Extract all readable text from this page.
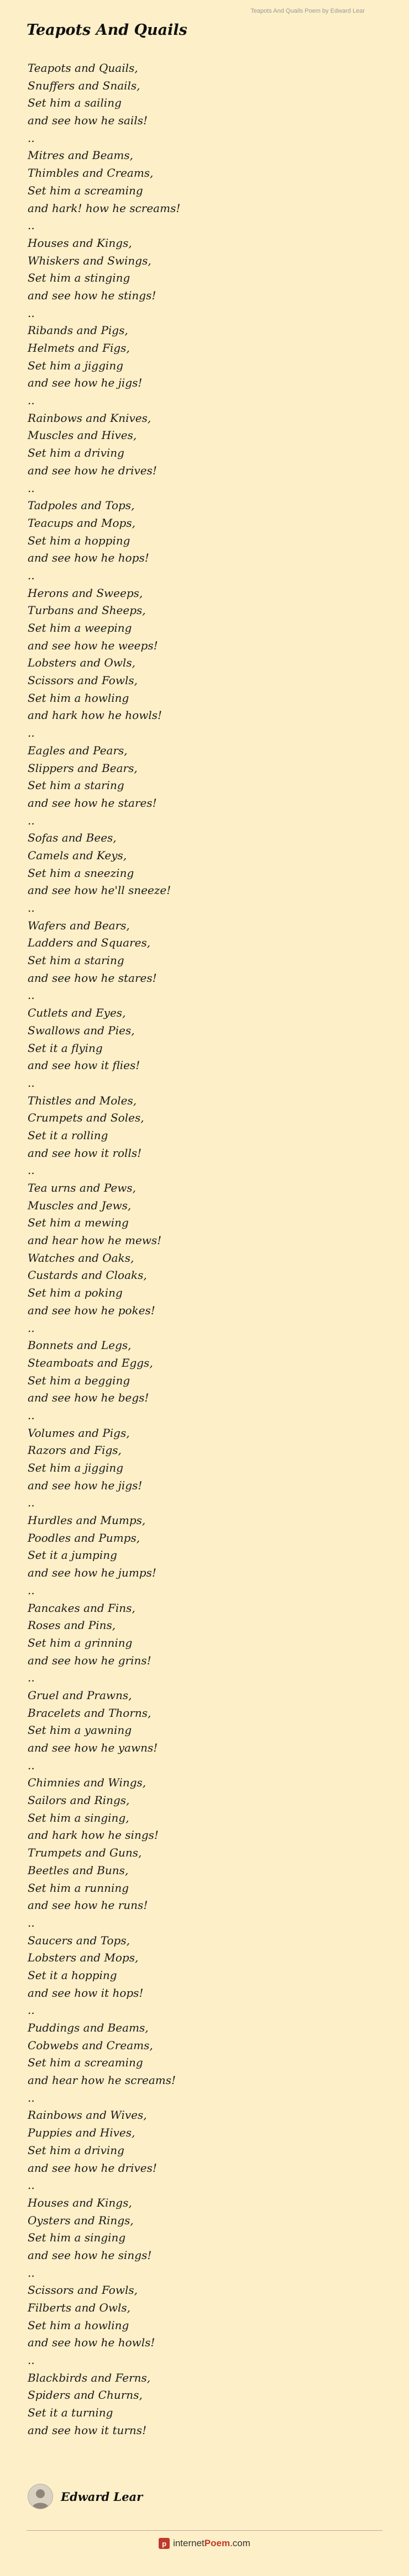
Teapots And Quails Poem by Edward Lear
Teapots And Quails
Teapots and Quails,
Snuffers and Snails,
Set him a sailing
and see how he sails!
..
Mitres and Beams,
Thimbles and Creams,
Set him a screaming
and hark! how he screams!
..
Houses and Kings,
Whiskers and Swings,
Set him a stinging
and see how he stings!
..
Ribands and Pigs,
Helmets and Figs,
Set him a jigging
and see how he jigs!
..
Rainbows and Knives,
Muscles and Hives,
Set him a driving
and see how he drives!
..
Tadpoles and Tops,
Teacups and Mops,
Set him a hopping
and see how he hops!
..
Herons and Sweeps,
Turbans and Sheeps,
Set him a weeping
and see how he weeps!
Lobsters and Owls,
Scissors and Fowls,
Set him a howling
and hark how he howls!
..
Eagles and Pears,
Slippers and Bears,
Set him a staring
and see how he stares!
..
Sofas and Bees,
Camels and Keys,
Set him a sneezing
and see how he'll sneeze!
..
Wafers and Bears,
Ladders and Squares,
Set him a staring
and see how he stares!
..
Cutlets and Eyes,
Swallows and Pies,
Set it a flying
and see how it flies!
..
Thistles and Moles,
Crumpets and Soles,
Set it a rolling
and see how it rolls!
..
Tea urns and Pews,
Muscles and Jews,
Set him a mewing
and hear how he mews!
Watches and Oaks,
Custards and Cloaks,
Set him a poking
and see how he pokes!
..
Bonnets and Legs,
Steamboats and Eggs,
Set him a begging
and see how he begs!
..
Volumes and Pigs,
Razors and Figs,
Set him a jigging
and see how he jigs!
..
Hurdles and Mumps,
Poodles and Pumps,
Set it a jumping
and see how he jumps!
..
Pancakes and Fins,
Roses and Pins,
Set him a grinning
and see how he grins!
..
Gruel and Prawns,
Bracelets and Thorns,
Set him a yawning
and see how he yawns!
..
Chimnies and Wings,
Sailors and Rings,
Set him a singing,
and hark how he sings!
Trumpets and Guns,
Beetles and Buns,
Set him a running
and see how he runs!
..
Saucers and Tops,
Lobsters and Mops,
Set it a hopping
and see how it hops!
..
Puddings and Beams,
Cobwebs and Creams,
Set him a screaming
and hear how he screams!
..
Rainbows and Wives,
Puppies and Hives,
Set him a driving
and see how he drives!
..
Houses and Kings,
Oysters and Rings,
Set him a singing
and see how he sings!
..
Scissors and Fowls,
Filberts and Owls,
Set him a howling
and see how he howls!
..
Blackbirds and Ferns,
Spiders and Churns,
Set it a turning
and see how it turns!
Edward Lear
p internetPoem.com
